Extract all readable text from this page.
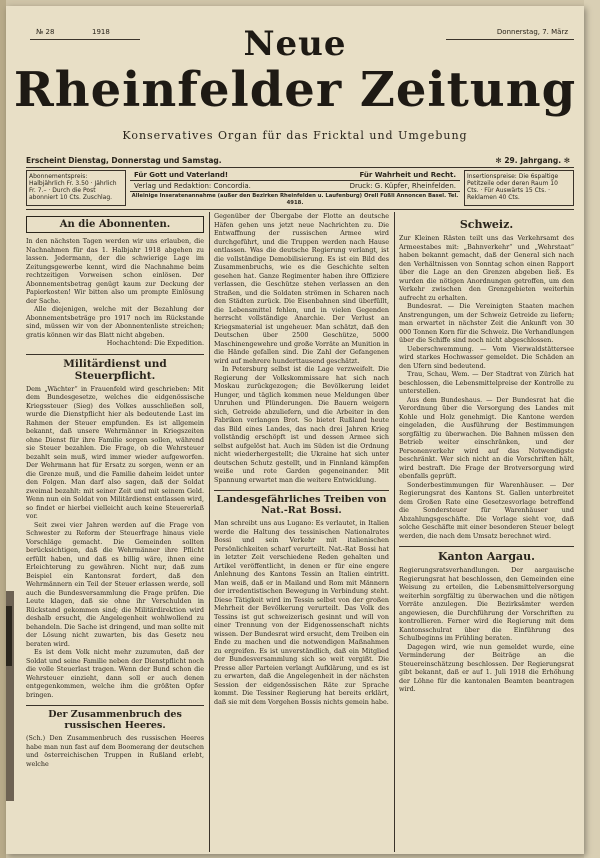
№ 28	1918	Donnerstag, 7. März
Neue
Rheinfelder Zeitung
Konservatives Organ für das Fricktal und Umgebung
Erscheint Dienstag, Donnerstag und Samstag.	✻ 29. Jahrgang. ✻
Abonnementspreis: Halbjährlich Fr. 3.50 · Jährlich Fr. 7.– · Durch die Post abonniert 10 Cts. Zuschlag.
Für Gott und Vaterland!	Für Wahrheit und Recht.
Verlag und Redaktion: Concordia.	Druck: G. Küpfer, Rheinfelden.
Alleinige Inseratenannahme (außer den Bezirken Rheinfelden u. Laufenburg) Orell Füßli Annoncen Basel. Tel. 4918.
Insertionspreise: Die 6spaltige Petitzeile oder deren Raum 10 Cts. · Für Auswärts 15 Cts. · Reklamen 40 Cts.
An die Abonnenten.
In den nächsten Tagen werden wir uns erlauben, die Nachnahmen für das 1. Halbjahr 1918 abgehen zu lassen. Jedermann, der die schwierige Lage im Zeitungsgewerbe kennt, wird die Nachnahme beim rechtzeitigen Vorweisen schon einlösen. Der Abonnementsbetrag genügt kaum zur Deckung der Papierkosten! Wir bitten also um prompte Einlösung der Sache.
Alle diejenigen, welche mit der Bezahlung der Abonnementsbeträge pro 1917 noch im Rückstande sind, müssen wir von der Abonnentenliste streichen; gratis können wir das Blatt nicht abgeben.
Hochachtend: Die Expedition.
Militärdienst und Steuerpflicht.
Dem „Wächter“ in Frauenfeld wird geschrieben: Mit dem Bundesgesetze, welches die eidgenössische Kriegssteuer (Sieg) des Volkes ausschließen soll, wurde die Dienstpflicht hier als bedeutende Last im Rahmen der Steuer empfunden. Es ist allgemein bekannt, daß unsere Wehrmänner in Kriegszeiten ohne Dienst für ihre Familie sorgen sollen, während sie Steuer bezahlen. Die Frage, ob die Wehrsteuer bezahlt sein muß, wird immer wieder aufgeworfen. Der Wehrmann hat für Ersatz zu sorgen, wenn er an die Grenze muß, und die Familie daheim leidet unter den Folgen. Man darf also sagen, daß der Soldat zweimal bezahlt: mit seiner Zeit und mit seinem Geld. Wenn nun ein Soldat von Militärdienst entlassen wird, so findet er hierbei vielleicht auch keine Steuererlaß vor.
Seit zwei vier Jahren werden auf die Frage von Schwester zu Reform der Steuerfrage hinaus viele Vorschläge gemacht. Die Gemeinden sollten berücksichtigen, daß die Wehrmänner ihre Pflicht erfüllt haben, und daß es billig wäre, ihnen eine Erleichterung zu gewähren. Nicht nur, daß zum Beispiel ein Kantonsrat fordert, daß den Wehrmännern ein Teil der Steuer erlassen werde, soll auch die Bundesversammlung die Frage prüfen. Die Leute klagen, daß sie ohne ihr Verschulden in Rückstand gekommen sind; die Militärdirektion wird deshalb ersucht, die Angelegenheit wohlwollend zu behandeln. Die Sache ist dringend, und man sollte mit der Lösung nicht zuwarten, bis das Gesetz neu beraten wird.
Es ist dem Volk nicht mehr zuzumuten, daß der Soldat und seine Familie neben der Dienstpflicht noch die volle Steuerlast tragen. Wenn der Bund schon die Wehrsteuer einzieht, dann soll er auch denen entgegenkommen, welche ihm die größten Opfer bringen.
Der Zusammenbruch des russischen Heeres.
(Sch.) Den Zusammenbruch des russischen Heeres habe man nun fast auf dem Boomerang der deutschen und österreichischen Truppen in Rußland erlebt, welche
Gegenüber der Übergabe der Flotte an deutsche Häfen gehen uns jetzt neue Nachrichten zu. Die Entwaffnung der russischen Armee wird durchgeführt, und die Truppen werden nach Hause entlassen. Was die deutsche Regierung verlangt, ist die vollständige Demobilisierung. Es ist ein Bild des Zusammenbruchs, wie es die Geschichte selten gesehen hat. Ganze Regimenter haben ihre Offiziere verlassen, die Geschütze stehen verlassen an den Straßen, und die Soldaten strömen in Scharen nach den Städten zurück. Die Eisenbahnen sind überfüllt, die Lebensmittel fehlen, und in vielen Gegenden herrscht vollständige Anarchie. Der Verlust an Kriegsmaterial ist ungeheuer. Man schätzt, daß den Deutschen über 2500 Geschütze, 5000 Maschinengewehre und große Vorräte an Munition in die Hände gefallen sind. Die Zahl der Gefangenen wird auf mehrere hunderttausend geschätzt.
In Petersburg selbst ist die Lage verzweifelt. Die Regierung der Volkskommissare hat sich nach Moskau zurückgezogen; die Bevölkerung leidet Hunger, und täglich kommen neue Meldungen über Unruhen und Plünderungen. Die Bauern weigern sich, Getreide abzuliefern, und die Arbeiter in den Fabriken verlangen Brot. So bietet Rußland heute das Bild eines Landes, das nach drei Jahren Krieg vollständig erschöpft ist und dessen Armee sich selbst aufgelöst hat. Auch im Süden ist die Ordnung nicht wiederhergestellt; die Ukraine hat sich unter deutschen Schutz gestellt, und in Finnland kämpfen weiße und rote Garden gegeneinander. Mit Spannung erwartet man die weitere Entwicklung.
Landesgefährliches Treiben von Nat.-Rat Bossi.
Man schreibt uns aus Lugano: Es verlautet, in Italien werde die Haltung des tessinischen Nationalrates Bossi und sein Verkehr mit italienischen Persönlichkeiten scharf verurteilt. Nat.-Rat Bossi hat in letzter Zeit verschiedene Reden gehalten und Artikel veröffentlicht, in denen er für eine engere Anlehnung des Kantons Tessin an Italien eintritt. Man weiß, daß er in Mailand und Rom mit Männern der irredentistischen Bewegung in Verbindung steht. Diese Tätigkeit wird im Tessin selbst von der großen Mehrheit der Bevölkerung verurteilt. Das Volk des Tessins ist gut schweizerisch gesinnt und will von einer Trennung von der Eidgenossenschaft nichts wissen. Der Bundesrat wird ersucht, dem Treiben ein Ende zu machen und die notwendigen Maßnahmen zu ergreifen. Es ist unverständlich, daß ein Mitglied der Bundesversammlung sich so weit vergißt. Die Presse aller Parteien verlangt Aufklärung, und es ist zu erwarten, daß die Angelegenheit in der nächsten Session der eidgenössischen Räte zur Sprache kommt. Die Tessiner Regierung hat bereits erklärt, daß sie mit dem Vorgehen Bossis nichts gemein habe.
Schweiz.
Zur Kleinen Rästen teilt uns das Verkehrsamt des Armeestabes mit: „Bahnverkehr“ und „Wehrstaat“ haben bekannt gemacht, daß der General sich nach den Verhältnissen von Sonntag schon einen Rapport über die Lage an den Grenzen abgeben ließ. Es wurden die nötigen Anordnungen getroffen, um den Verkehr zwischen den Grenzgebieten weiterhin aufrecht zu erhalten.
Bundesrat. — Die Vereinigten Staaten machen Anstrengungen, um der Schweiz Getreide zu liefern; man erwartet in nächster Zeit die Ankunft von 30 000 Tonnen Korn für die Schweiz. Die Verhandlungen über die Schiffe sind noch nicht abgeschlossen.
Ueberschwemmung. — Vom Vierwaldstättersee wird starkes Hochwasser gemeldet. Die Schäden an den Ufern sind bedeutend.
Trau, Schau, Wem. — Der Stadtrat von Zürich hat beschlossen, die Lebensmittelpreise der Kontrolle zu unterstellen.
Aus dem Bundeshaus. — Der Bundesrat hat die Verordnung über die Versorgung des Landes mit Kohle und Holz genehmigt. Die Kantone werden eingeladen, die Ausführung der Bestimmungen sorgfältig zu überwachen. Die Bahnen müssen den Betrieb weiter einschränken, und der Personenverkehr wird auf das Notwendigste beschränkt. Wer sich nicht an die Vorschriften hält, wird bestraft. Die Frage der Brotversorgung wird ebenfalls geprüft.
Sonderbestimmungen für Warenhäuser. — Der Regierungsrat des Kantons St. Gallen unterbreitet dem Großen Rate eine Gesetzesvorlage betreffend die Sondersteuer für Warenhäuser und Abzahlungsgeschäfte. Die Vorlage sieht vor, daß solche Geschäfte mit einer besonderen Steuer belegt werden, die nach dem Umsatz berechnet wird.
Kanton Aargau.
Regierungsratsverhandlungen. Der aargauische Regierungsrat hat beschlossen, den Gemeinden eine Weisung zu erteilen, die Lebensmittelversorgung weiterhin sorgfältig zu überwachen und die nötigen Vorräte anzulegen. Die Bezirksämter werden angewiesen, die Durchführung der Vorschriften zu kontrollieren. Ferner wird die Regierung mit dem Kantonsschulrat über die Einführung des Schulbeginns im Frühling beraten.
Dagegen wird, wie nun gemeldet wurde, eine Verminderung der Beiträge an die Steuereinschätzung beschlossen. Der Regierungsrat gibt bekannt, daß er auf 1. Juli 1918 die Erhöhung der Löhne für die kantonalen Beamten beantragen wird.
